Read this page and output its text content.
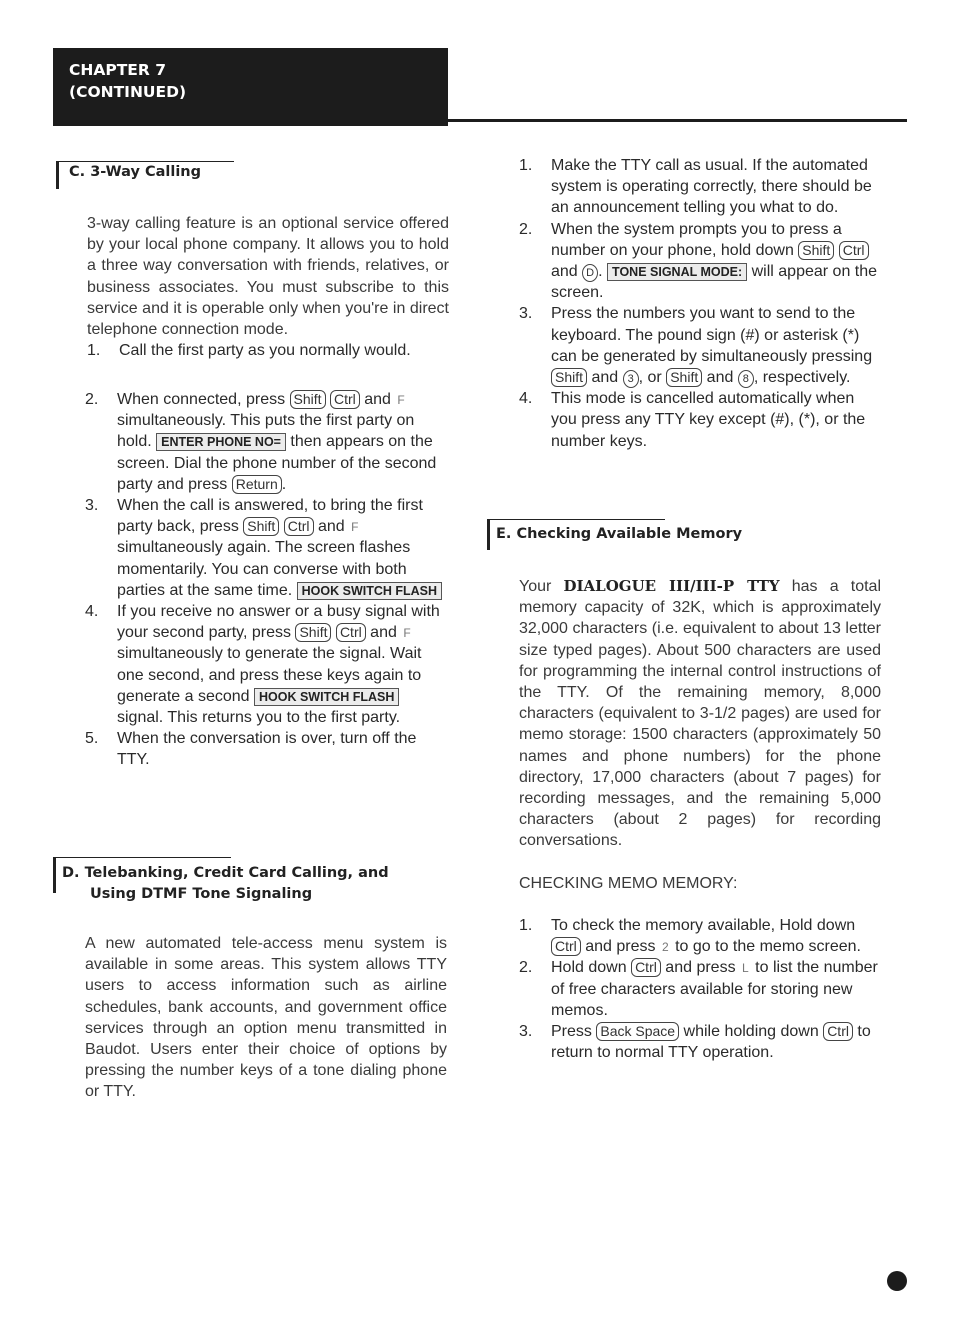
CHAPTER 7
(CONTINUED)
C. 3-Way Calling
3-way calling feature is an optional service offered by your local phone company. It allows you to hold a three way conversation with friends, relatives, or business associates. You must subscribe to this service and it is operable only when you're in direct telephone connection mode.
1. Call the first party as you normally would.
2. When connected, press Shift Ctrl and F simultaneously. This puts the first party on hold. ENTER PHONE NO= then appears on the screen. Dial the phone number of the second party and press Return .
3. When the call is answered, to bring the first party back, press Shift Ctrl and F simultaneously again. The screen flashes momentarily. You can converse with both parties at the same time. HOOK SWITCH FLASH
4. If you receive no answer or a busy signal with your second party, press Shift Ctrl and F simultaneously to generate the signal. Wait one second, and press these keys again to generate a second HOOK SWITCH FLASH signal. This returns you to the first party.
5. When the conversation is over, turn off the TTY.
D. Telebanking, Credit Card Calling, and
Using DTMF Tone Signaling
A new automated tele-access menu system is available in some areas. This system allows TTY users to access information such as airline schedules, bank accounts, and government office services through an option menu transmitted in Baudot. Users enter their choice of options by pressing the number keys of a tone dialing phone or TTY.
1. Make the TTY call as usual. If the automated system is operating correctly, there should be an announcement telling you what to do.
2. When the system prompts you to press a number on your phone, hold down Shift Ctrl and D . TONE SIGNAL MODE: will appear on the screen.
3. Press the numbers you want to send to the keyboard. The pound sign (#) or asterisk (*) can be generated by simultaneously pressing Shift and 3 , or Shift and 8 , respectively.
4. This mode is cancelled automatically when you press any TTY key except (#), (*), or the number keys.
E. Checking Available Memory
Your DIALOGUE III/III-P TTY has a total memory capacity of 32K, which is approximately 32,000 characters (i.e. equivalent to about 13 letter size typed pages). About 500 characters are used for programming the internal control instructions of the TTY. Of the remaining memory, 8,000 characters (equivalent to 3-1/2 pages) are used for memo storage: 1500 characters (approximately 50 names and phone numbers) for the phone directory, 17,000 characters (about 7 pages) for recording messages, and the remaining 5,000 characters (about 2 pages) for recording conversations.
CHECKING MEMO MEMORY:
1. To check the memory available, Hold down Ctrl and press 2 to go to the memo screen.
2. Hold down Ctrl and press L to list the number of free characters available for storing new memos.
3. Press Back Space while holding down Ctrl to return to normal TTY operation.
